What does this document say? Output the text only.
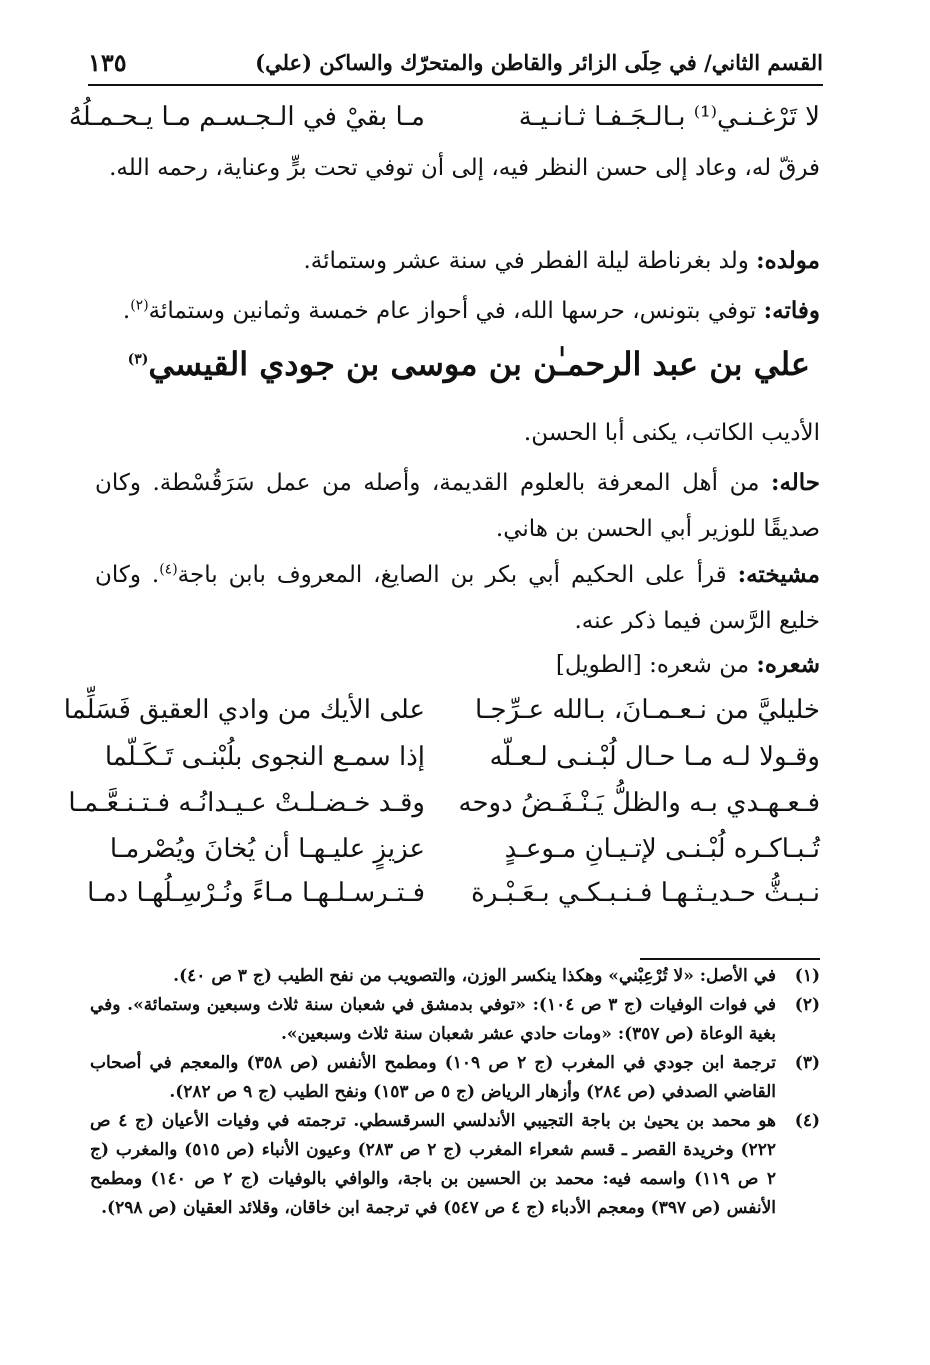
القسم الثاني/ في حِلَى الزائر والقاطن والمتحرّك والساكن (علي)
١٣٥
لا تَرْغـنـي⁽¹⁾ بـالـجَـفـا ثـانـيـة
مـا بقيْ في الـجـسـم مـا يـحـمـلُهُ
فرقّ له، وعاد إلى حسن النظر فيه، إلى أن توفي تحت برٍّ وعناية، رحمه الله.
مولده: ولد بغرناطة ليلة الفطر في سنة عشر وستمائة.
وفاته: توفي بتونس، حرسها الله، في أحواز عام خمسة وثمانين وستمائة$^{(٢)}$.
علي بن عبد الرحمـٰن بن موسى بن جودي القيسي$^{(٣)}$
الأديب الكاتب، يكنى أبا الحسن.
حاله: من أهل المعرفة بالعلوم القديمة، وأصله من عمل سَرَقُسْطة. وكان صديقًا للوزير أبي الحسن بن هاني.
مشيخته: قرأ على الحكيم أبي بكر بن الصايغ، المعروف بابن باجة$^{(٤)}$. وكان خليع الرَّسن فيما ذكر عنه.
شعره: من شعره: [الطويل]
خليليَّ من نـعـمـانَ، بـالله عـرِّجـا
على الأيك من وادي العقيق فَسَلِّما
وقـولا لـه مـا حـال لُبْـنـى لـعـلّه
إذا سمـع النجوى بلُبْنـى تَـكَـلّما
فـعـهـدي بـه والظلُّ يَـنْـفَـضُ دوحه
وقـد خـضـلـتْ عـيـدانُـه فـتـنـعَّـمـا
تُـبـاكـره لُبْـنـى لإتـيـانِ مـوعـدٍ
عزيزٍ عليـهـا أن يُخانَ ويُصْرمـا
نـبـثُّ حـديـثـهـا فـنـبـكـي بـعَـبْـرة
فـتـرسـلـهـا مـاءً ونُـرْسِـلُهـا دمـا
(١)
في الأصل: «لا تُرْعِبْني» وهكذا ينكسر الوزن، والتصويب من نفح الطيب (ج ٣ ص ٤٠).
(٢)
في فوات الوفيات (ج ٣ ص ١٠٤): «توفي بدمشق في شعبان سنة ثلاث وسبعين وستمائة». وفي بغية الوعاة (ص ٣٥٧): «ومات حادي عشر شعبان سنة ثلاث وسبعين».
(٣)
ترجمة ابن جودي في المغرب (ج ٢ ص ١٠٩) ومطمح الأنفس (ص ٣٥٨) والمعجم في أصحاب القاضي الصدفي (ص ٢٨٤) وأزهار الرياض (ج ٥ ص ١٥٣) ونفح الطيب (ج ٩ ص ٢٨٢).
(٤)
هو محمد بن يحيىٰ بن باجة التجيبي الأندلسي السرقسطي. ترجمته في وفيات الأعيان (ج ٤ ص ٢٢٢) وخريدة القصر ـ قسم شعراء المغرب (ج ٢ ص ٢٨٣) وعيون الأنباء (ص ٥١٥) والمغرب (ج ٢ ص ١١٩) واسمه فيه: محمد بن الحسين بن باجة، والوافي بالوفيات (ج ٢ ص ١٤٠) ومطمح الأنفس (ص ٣٩٧) ومعجم الأدباء (ج ٤ ص ٥٤٧) في ترجمة ابن خاقان، وقلائد العقيان (ص ٢٩٨).
